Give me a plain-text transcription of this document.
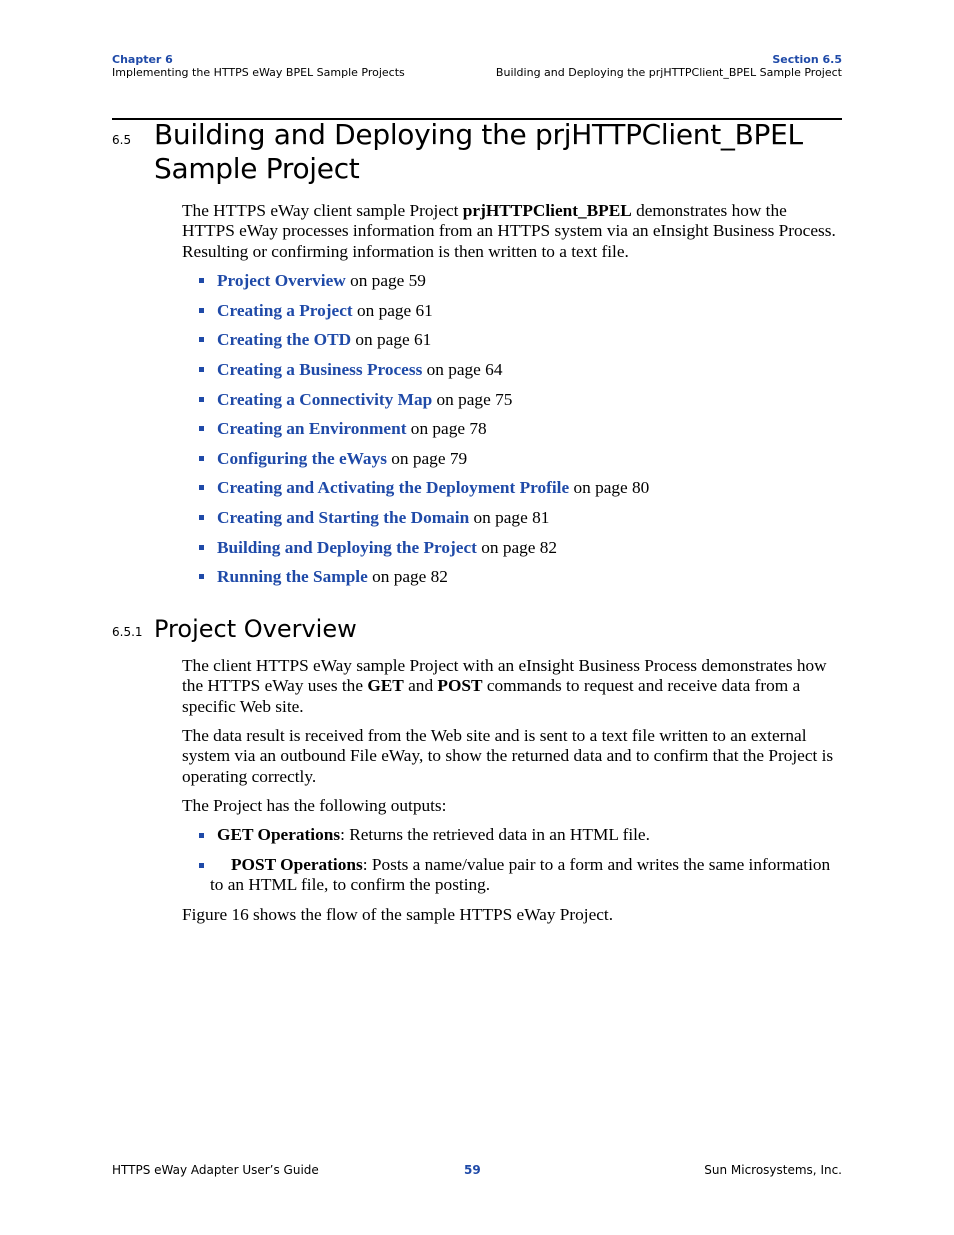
Chapter 6
Implementing the HTTPS eWay BPEL Sample Projects
Section 6.5
Building and Deploying the prjHTTPClient_BPEL Sample Project
6.5 Building and Deploying the prjHTTPClient_BPEL
Sample Project

The HTTPS eWay client sample Project prjHTTPClient_BPEL demonstrates how the HTTPS eWay processes information from an HTTPS system via an eInsight Business Process. Resulting or confirming information is then written to a text file.

Project Overview on page 59
Creating a Project on page 61
Creating the OTD on page 61
Creating a Business Process on page 64
Creating a Connectivity Map on page 75
Creating an Environment on page 78
Configuring the eWays on page 79
Creating and Activating the Deployment Profile on page 80
Creating and Starting the Domain on page 81
Building and Deploying the Project on page 82
Running the Sample on page 82
6.5.1 Project Overview

The client HTTPS eWay sample Project with an eInsight Business Process demonstrates how the HTTPS eWay uses the GET and POST commands to request and receive data from a specific Web site.

The data result is received from the Web site and is sent to a text file written to an external system via an outbound File eWay, to show the returned data and to confirm that the Project is operating correctly.

The Project has the following outputs:

GET Operations: Returns the retrieved data in an HTML file.
POST Operations: Posts a name/value pair to a form and writes the same information to an HTML file, to confirm the posting.

Figure 16 shows the flow of the sample HTTPS eWay Project.

HTTPS eWay Adapter User’s Guide	59	Sun Microsystems, Inc.
